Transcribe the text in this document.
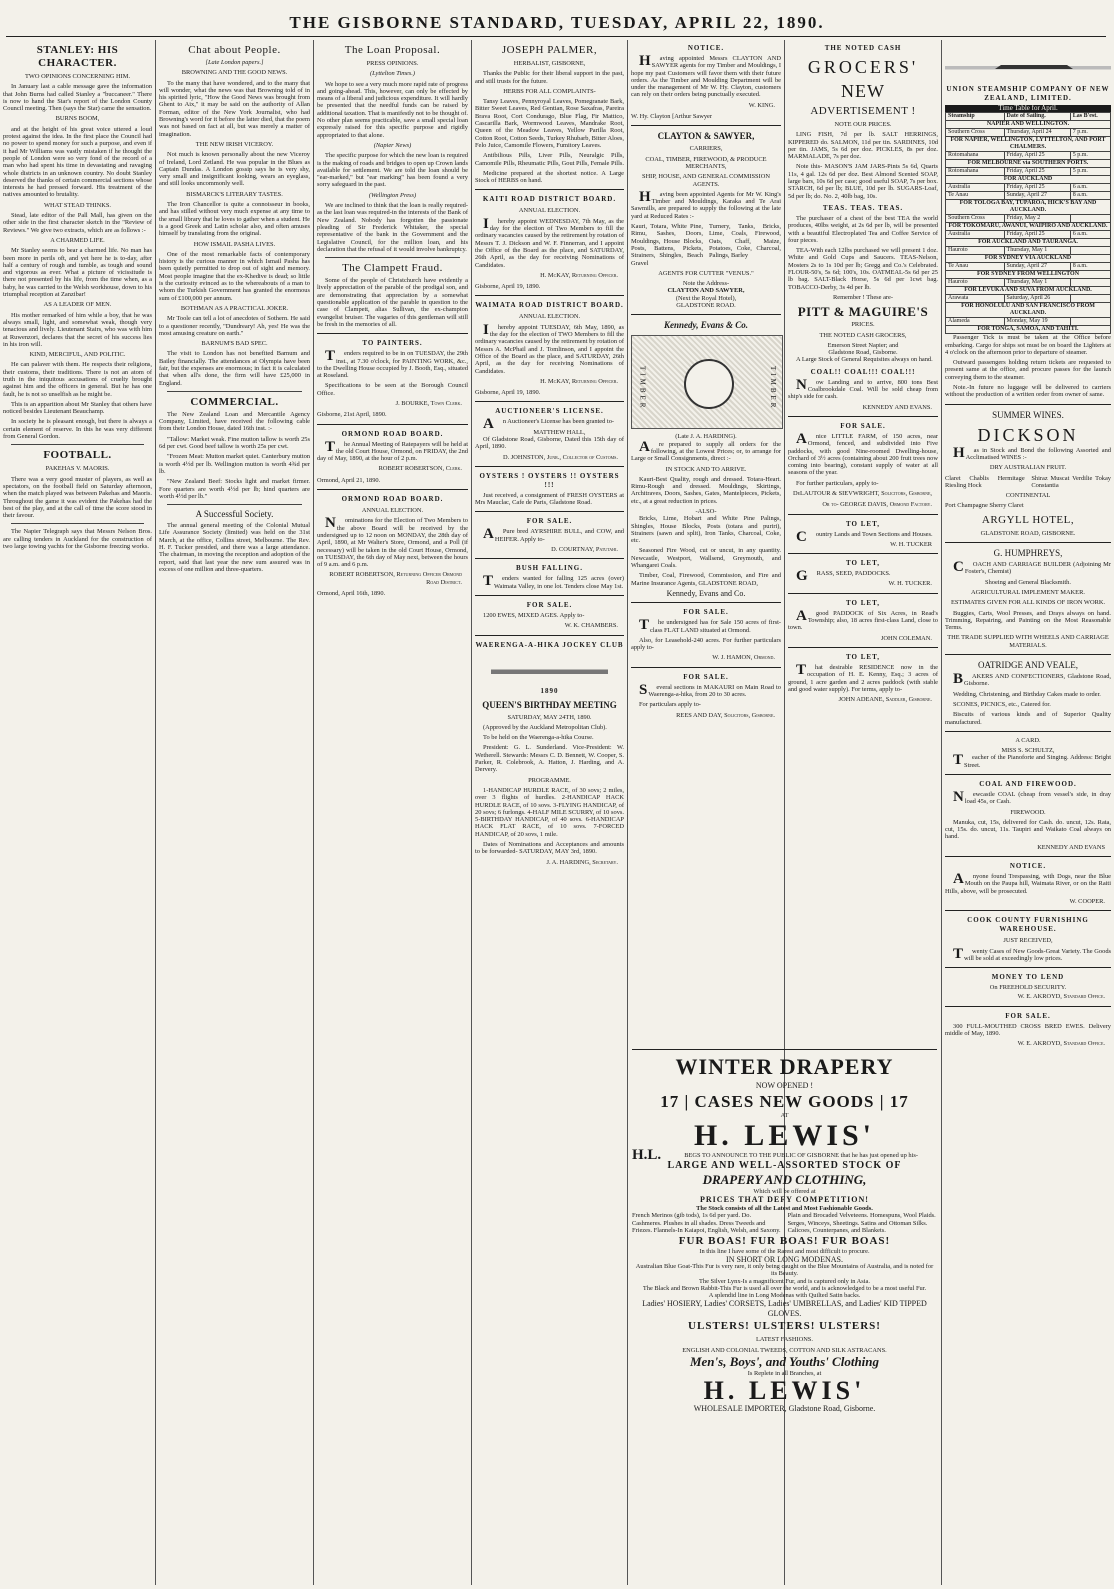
THE GISBORNE STANDARD, TUESDAY, APRIL 22, 1890.
STANLEY: HIS CHARACTER.
TWO OPINIONS CONCERNING HIM.

In January last a cable message gave the information that John Burns had called Stanley a "buccaneer." There is now to hand the Star's report of the London County Council meeting. Then (says the Star) came the sensation.

BURNS BOOM,

and at the height of his great voice uttered a loud protest against the idea. In the first place the Council had no power to spend money for such a purpose, and even if it had Mr Williams was vastly mistaken if he thought the people of London were so very fond of the record of a man who had spent his time in devastating and ravaging whole districts in an unknown country. No doubt Stanley deserved the thanks of certain commercial sections whose interests he had pressed forward. His treatment of the natives amounted to brutality.

WHAT STEAD THINKS.

Stead, late editor of the Pall Mall, has given on the other side in the first character sketch in the "Review of Reviews." We give two extracts, which are as follows :-

A CHARMED LIFE.

Mr Stanley seems to bear a charmed life. No man has been more in perils oft, and yet here he is to-day, after half a century of rough and tumble, as tough and sound and vigorous as ever. What a picture of vicissitude is there not presented by his life, from the time when, as a baby, he was carried to the Welsh workhouse, down to his triumphal reception at Zanzibar!

AS A LEADER OF MEN.

His mother remarked of him while a boy, that he was always small, light, and somewhat weak, though very tenacious and lively. Lieutenant Stairs, who was with him at Ruwenzori, declares that the secret of his success lies in his iron will.

KIND, MERCIFUL, AND POLITIC.

He can palaver with them. He respects their religions, their customs, their traditions. There is not an atom of truth in the iniquitous accusations of cruelty brought against him and the officers in general. But he has one fault, he is not so unselfish as he might be.

This is an apparition about Mr Stanley that others have noticed besides Lieutenant Beauchamp.

In society he is pleasant enough, but there is always a certain element of reserve. In this he was very different from General Gordon.

FOOTBALL.
PAKEHAS V. MAORIS.

There was a very good muster of players, as well as spectators, on the football field on Saturday afternoon, when the match played was between Pakehas and Maoris. Throughout the game it was evident the Pakehas had the best of the play, and at the call of time the score stood in their favour.

The Napier Telegraph says that Messrs Nelson Bros. are calling tenders in Auckland for the construction of two large towing yachts for the Gisborne freezing works.

Chat about People.
[Late London papers.]
BROWNING AND THE GOOD NEWS.

To the many that have wondered, and to the many that will wonder, what the news was that Browning told of in his spirited lyric, "How the Good News was brought from Ghent to Aix," it may be said on the authority of Allan Forman, editor of the New York Journalist, who had Browning's word for it before the latter died, that the poem was not based on fact at all, but was merely a matter of imagination.

THE NEW IRISH VICEROY.

Not much is known personally about the new Viceroy of Ireland, Lord Zetland. He was popular in the Blues as Captain Dundas. A London gossip says he is very shy, very small and insignificant looking, wears an eyeglass, and still looks uncommonly well.

BISMARCK'S LITERARY TASTES.

The Iron Chancellor is quite a connoisseur in books, and has stilled without very much expense at any time to the small library that he loves to gather when a student. He is a good Greek and Latin scholar also, and often amuses himself by translating from the original.

HOW ISMAIL PASHA LIVES.

One of the most remarkable facts of contemporary history is the curious manner in which Ismail Pasha has been quietly permitted to drop out of sight and memory. Most people imagine that the ex-Khedive is dead; so little is the curiosity evinced as to the whereabouts of a man to whom the Turkish Government has granted the enormous sum of £100,000 per annum.

BOTHMAN AS A PRACTICAL JOKER.

Mr Toole can tell a lot of anecdotes of Sothern. He said to a questioner recently, "Dundreary! Ah, yes! He was the most amusing creature on earth."

BARNUM'S BAD SPEC.

The visit to London has not benefited Barnum and Bailey financially. The attendances at Olympia have been fair, but the expenses are enormous; in fact it is calculated that when all's done, the firm will have £25,000 in England.

COMMERCIAL.

The New Zealand Loan and Mercantile Agency Company, Limited, have received the following cable from their London House, dated 16th inst. :-

"Tallow: Market weak. Fine mutton tallow is worth 25s 6d per cwt. Good beef tallow is worth 25s per cwt.

"Frozen Meat: Mutton market quiet. Canterbury mutton is worth 4½d per lb. Wellington mutton is worth 4¾d per lb.

"New Zealand Beef: Stocks light and market firmer. Fore quarters are worth 4½d per lb; hind quarters are worth 4½d per lb."

A Successful Society.

The annual general meeting of the Colonial Mutual Life Assurance Society (limited) was held on the 31st March, at the office, Collins street, Melbourne. The Rev. H. F. Tucker presided, and there was a large attendance. The chairman, in moving the reception and adoption of the report, said that last year the new sum assured was in excess of one million and three-quarters.

The Loan Proposal.
PRESS OPINIONS.
(Lyttelton Times.)

We hope to see a very much more rapid rate of progress and going-ahead. This, however, can only be effected by means of a liberal and judicious expenditure. It will hardly be presented that the needful funds can be raised by additional taxation. That is manifestly not to be thought of. No other plan seems practicable, save a small special loan expressly raised for this specific purpose and rigidly appropriated to that alone.

(Napier News)

The specific purpose for which the new loan is required is the making of roads and bridges to open up Crown lands available for settlement. We are told the loan should be "ear-marked," but "ear marking" has been found a very sorry safeguard in the past.

(Wellington Press)

We are inclined to think that the loan is really required-as the last loan was required-in the interests of the Bank of New Zealand. Nobody has forgotten the passionate pleading of Sir Frederick Whitaker, the special representative of the bank in the Government and the Legislative Council, for the million loan, and his declaration that the refusal of it would involve bankruptcy.

The Clampett Fraud.

Some of the people of Christchurch have evidently a lively appreciation of the parable of the prodigal son, and are demonstrating that appreciation by a somewhat questionable application of the parable in question to the case of Clampett, alias Sullivan, the ex-champion evangelist bruiser. The vagaries of this gentleman will still be fresh in the memories of all.

TO PAINTERS.

Tenders required to be in on TUESDAY, the 29th inst., at 7.30 o'clock, for PAINTING WORK, &c., to the Dwelling House occupied by J. Booth, Esq., situated at Roseland.

Specifications to be seen at the Borough Council Office.

J. BOURKE, Town Clerk.
Gisborne, 21st April, 1890.
ORMOND ROAD BOARD.

The Annual Meeting of Ratepayers will be held at the old Court House, Ormond, on FRIDAY, the 2nd day of May, 1890, at the hour of 2 p.m.

ROBERT ROBERTSON, Clerk.
Ormond, April 21, 1890.
ORMOND ROAD BOARD.
ANNUAL ELECTION.

Nominations for the Election of Two Members to the above Board will be received by the undersigned up to 12 noon on MONDAY, the 28th day of April, 1890, at Mr Walter's Store, Ormond, and a Poll (if necessary) will be taken in the old Court House, Ormond, on TUESDAY, the 6th day of May next, between the hours of 9 a.m. and 6 p.m.

ROBERT ROBERTSON, Returning Officer Ormond Road District.
Ormond, April 16th, 1890.
JOSEPH PALMER,
HERBALIST, GISBORNE,

Thanks the Public for their liberal support in the past, and still trusts for the future.

HERBS FOR ALL COMPLAINTS-

Tansy Leaves, Pennyroyal Leaves, Pomegranate Bark, Bitter Sweet Leaves, Red Gentian, Rose Saxafras, Pareira Brava Root, Cort Condurago, Blue Flag, Fir Mattico, Cascarilla Bark, Wormwood Leaves, Mandrake Root, Queen of the Meadow Leaves, Yellow Parilla Root, Cotton Root, Cotton Seeds, Turkey Rhubarb, Bitter Aloes, Felo Juice, Camomile Flowers, Fumitory Leaves.

Antibilious Pills, Liver Pills, Neuralgic Pills, Camomile Pills, Rheumatic Pills, Gout Pills, Female Pills.

Medicine prepared at the shortest notice. A Large Stock of HERBS on hand.

KAITI ROAD DISTRICT BOARD.
ANNUAL ELECTION.

Ihereby appoint WEDNESDAY, 7th May, as the day for the election of Two Members to fill the ordinary vacancies caused by the retirement by rotation of Messrs T. J. Dickson and W. F. Finnerran, and I appoint the Office of the Board as the place, and SATURDAY, 26th April, as the day for receiving Nominations of Candidates.

H. McKAY, Returning Officer.
Gisborne, April 19, 1890.
WAIMATA ROAD DISTRICT BOARD.
ANNUAL ELECTION.

Ihereby appoint TUESDAY, 6th May, 1890, as the day for the election of TWO Members to fill the ordinary vacancies caused by the retirement by rotation of Messrs A. McPhail and J. Tomlinson, and I appoint the Office of the Board as the place, and SATURDAY, 26th April, as the day for receiving Nominations of Candidates.

H. McKAY, Returning Officer.
Gisborne, April 19, 1890.
AUCTIONEER'S LICENSE.

An Auctioneer's License has been granted to-

MATTHEW HALL,

Of Gladstone Road, Gisborne, Dated this 15th day of April, 1890.

D. JOHNSTON, Junr., Collector of Customs.
OYSTERS ! OYSTERS !! OYSTERS !!!

Just received, a consignment of FRESH OYSTERS at Mrs Mauclac, Cafe de Paris, Gladstone Road.

FOR SALE.

APure bred AYRSHIRE BULL, and COW, and HEIFER. Apply to-

D. COURTNAY, Patutahi.
BUSH FALLING.

Tenders wanted for falling 125 acres (over) Waimata Valley, in one lot. Tenders close May 1st.

FOR SALE.

1200 EWES, MIXED AGES. Apply to-

W. K. CHAMBERS.
WAERENGA-A-HIKA JOCKEY CLUB
1890
QUEEN'S BIRTHDAY MEETING
SATURDAY, MAY 24TH, 1890.

(Approved by the Auckland Metropolitan Club).

To be held on the Waerenga-a-hika Course.

President: G. L. Sunderland. Vice-President: W. Wetherell. Stewards: Messrs C. D. Bennett, W. Cooper, S. Parker, R. Colebrook, A. Hatton, J. Harding, and A. Dervery.

PROGRAMME.

1-HANDICAP HURDLE RACE, of 30 sovs; 2 miles, over 3 flights of hurdles. 2-HANDICAP HACK HURDLE RACE, of 10 sovs. 3-FLYING HANDICAP, of 20 sovs; 6 furlongs. 4-HALF MILE SCURRY, of 10 sovs. 5-BIRTHDAY HANDICAP, of 40 sovs. 6-HANDICAP HACK FLAT RACE, of 10 sovs. 7-FORCED HANDICAP, of 20 sovs, 1 mile.

Dates of Nominations and Acceptances and amounts to be forwarded- SATURDAY, MAY 3rd, 1890.

J. A. HARDING, Secretary.
NOTICE.

Having appointed Messrs CLAYTON AND SAWYER agents for my Timber and Mouldings, I hope my past Customers will favor them with their future orders. As the Timber and Moulding Department will be under the management of Mr W. Hy. Clayton, customers can rely on their orders being punctually executed.

W. KING.
W. Hy. Clayton [Arthur Sawyer
CLAYTON & SAWYER,
CARRIERS,
COAL, TIMBER, FIREWOOD, & PRODUCE MERCHANTS,
SHIP, HOUSE, AND GENERAL COMMISSION AGENTS.

Having been appointed Agents for Mr W. King's Timber and Mouldings, Karaka and Te Arai Sawmills, are prepared to supply the following at the late yard at Reduced Rates :-

Kauri, Totara, White Pine, Rimu, Sashes, Doors, Mouldings, House Blocks, Posts, Battens, Pickets, Strainers, Shingles, Beach Gravel
Turnery, Tanks, Bricks, Lime, Coals, Firewood, Oats, Chaff, Maize, Potatoes, Coke, Charcoal, Palings, Barley
AGENTS FOR CUTTER "VENUS."
Note the Address-
CLAYTON AND SAWYER,
(Next the Royal Hotel),
GLADSTONE ROAD.
Kennedy, Evans & Co.
TIMBER	TIMBER
(Late J. A. HARDING).

Are prepared to supply all orders for the following, at the Lowest Prices; or, to arrange for Large or Small Consignments, direct :-

IN STOCK AND TO ARRIVE.

Kauri-Best Quality, rough and dressed. Totara-Heart. Rimu-Rough and dressed. Mouldings, Skirtings, Architraves, Doors, Sashes, Gates, Mantelpieces, Pickets, etc., at a great reduction in prices.

-ALSO-

Bricks, Lime, Hobart and White Pine Palings, Shingles, House Blocks, Posts (totara and puriri), Strainers (sawn and split), Iron Tanks, Charcoal, Coke, etc.

Seasoned Fire Wood, cut or uncut, in any quantity. Newcastle, Westport, Wallsend, Greymouth, and Whangarei Coals.

Timber, Coal, Firewood, Commission, and Fire and Marine Insurance Agents, GLADSTONE ROAD,

Kennedy, Evans and Co.
FOR SALE.

The undersigned has for Sale 150 acres of first-class FLAT LAND situated at Ormond.

Also, for Leasehold-240 acres. For further particulars apply to-

W. J. HAMON, Ormond.
FOR SALE.

Several sections in MAKAURI on Main Road to Waerenga-a-hika, from 20 to 30 acres.

For particulars apply to-

REES AND DAY, Solicitors, Gisborne.
THE NOTED CASH
GROCERS'
NEW
ADVERTISEMENT !
NOTE OUR PRICES.

LING FISH, 7d per lb. SALT HERRINGS, KIPPERED do. SALMON, 11d per tin. SARDINES, 10d per tin. JAMS, 5s 6d per doz. PICKLES, 8s per doz. MARMALADE, 7s per doz.

Note this- MASON'S JAM JARS-Pints 5s 6d, Quarts 11s, 4 gal. 12s 6d per doz. Best Almond Scented SOAP, large bars, 10s 6d per case; good useful SOAP, 7s per box. STARCH, 6d per lb; BLUE, 10d per lb. SUGARS-Loaf, 5d per lb; do. No. 2, 40lb bag, 10s.

TEAS. TEAS. TEAS.

The purchaser of a chest of the best TEA the world produces, 40lbs weight, at 2s 6d per lb, will be presented with a beautiful Electroplated Tea and Coffee Service of four pieces.

TEA-With each 12lbs purchased we will present 1 doz. White and Gold Cups and Saucers. TEAS-Nelson, Mosters 2s to 1s 10d per lb; Gregg and Co.'s Celebrated. FLOUR-50's, 5s 6d; 100's, 10s. OATMEAL-5s 6d per 25 lb bag. SALT-Black Horse, 5s 6d per 1cwt bag. TOBACCO-Derby, 3s 4d per lb.

Remember ! These are-
PITT & MAGUIRE'S
PRICES.
THE NOTED CASH GROCERS,
Emerson Street Napier; and
Gladstone Road, Gisborne.

A Large Stock of General Requisites always on hand.

COAL!! COAL!!! COAL!!!

Now Landing and to arrive, 800 tons Best Coalbrookdale Coal. Will be sold cheap from ship's side for cash.

KENNEDY AND EVANS.
FOR SALE.

Anice LITTLE FARM, of 150 acres, near Ormond, fenced, and subdivided into Five paddocks, with good Nine-roomed Dwelling-house, Orchard of 3½ acres (containing about 200 fruit trees now coming into bearing), constant supply of water at all seasons of the year.

For further particulars, apply to-

DeLAUTOUR & SIEVWRIGHT, Solicitors, Gisborne,
Or to- GEORGE DAVIS, Ormond Factory.
TO LET,

Country Lands and Town Sections and Houses.

W. H. TUCKER
TO LET,

GRASS, SEED, PADDOCKS.

W. H. TUCKER.
TO LET,

Agood PADDOCK of Six Acres, in Read's Township; also, 18 acres first-class Land, close to town.

JOHN COLEMAN.
TO LET,

That desirable RESIDENCE now in the occupation of H. E. Kenny, Esq.; 3 acres of ground, 1 acre garden and 2 acres paddock (with stable and good water supply). For terms, apply to-

JOHN ADEANE, Saddler, Gisborne.
UNION STEAMSHIP COMPANY OF NEW ZEALAND, LIMITED.
Time Table for April.
Steamship	Date of Sailing.	Las B'est.
NAPIER AND WELLINGTON.		
Southern Cross	Thursday, April 24	7 p.m.
FOR NAPIER, WELLINGTON, LYTTELTON, AND PORT CHALMERS.		
Rotomahana	Friday, April 25	5 p.m.
FOR MELBOURNE via SOUTHERN PORTS.		
Rotomahana	Friday, April 25	5 p.m.
FOR AUCKLAND		
Australia	Friday, April 25	6 a.m.
Te Anau	Sunday, April 27	8 a.m.
FOR TOLOGA BAY, TUPAROA, HICK'S BAY AND AUCKLAND.		
Southern Cross	Friday, May 2	
FOR TOKOMARU, AWANUI, WAIPIRO AND AUCKLAND.		
Australia	Friday, April 25	6 a.m.
FOR AUCKLAND AND TAURANGA.		
Hauroto	Thursday, May 1	
FOR SYDNEY VIA AUCKLAND		
Te Anau	Sunday, April 27	8 a.m.
FOR SYDNEY FROM WELLINGTON		
Hauroto	Thursday, May 1	
FOR LEVUKA AND SUVA FROM AUCKLAND.		
Arawata	Saturday, April 26	
FOR HONOLULU AND SAN FRANCISCO FROM AUCKLAND.		
Alameda	Monday, May 19	
FOR TONGA, SAMOA, AND TAHITI.		

Passenger Tick is must be taken at the Office before embarking. Cargo for ships sot must be on board the Lighters at 4 o'clock on the afternoon prior to departure of steamer.

Outward passengers holding return tickets are requested to present same at the office, and procure passes for the launch conveying them to the steamer.

Note.-In future no luggage will be delivered to carriers without the production of a written order from owner of same.

SUMMER WINES.
DICKSON

Has in Stock and Bond the following Assorted and Acclimatised WINES :-

DRY AUSTRALIAN FRUIT.
Claret Chablis Hermitage Riesling Hock
Shiraz Muscat Verdilie Tokay Constantia
CONTINENTAL
Port Champagne Sherry Claret
ARGYLL HOTEL,
GLADSTONE ROAD, GISBORNE.
G. HUMPHREYS,

COACH AND CARRIAGE BUILDER (Adjoining Mr Foster's, Chemist)

Shoeing and General Blacksmith.
AGRICULTURAL IMPLEMENT MAKER.
ESTIMATES GIVEN FOR ALL KINDS OF IRON WORK.

Buggies, Carts, Wool Presses, and Drays always on hand. Trimming, Repairing, and Painting on the Most Reasonable Terms.

THE TRADE SUPPLIED WITH WHEELS AND CARRIAGE MATERIALS.
OATRIDGE AND VEALE,

BAKERS AND CONFECTIONERS, Gladstone Road, Gisborne.

Wedding, Christening, and Birthday Cakes made to order.

SCONES, PICNICS, etc., Catered for.

Biscuits of various kinds and of Superior Quality manufactured.

A CARD.
MISS S. SCHULTZ,

Teacher of the Pianoforte and Singing. Address: Bright Street.

COAL AND FIREWOOD.

Newcastle COAL (cheap from vessel's side, in dray load 45s, or Cash.

FIREWOOD.

Manuka, cut, 15s, delivered for Cash. do. uncut, 12s. Rata, cut, 15s. do. uncut, 11s. Taupiri and Waikato Coal always on hand.

KENNEDY AND EVANS
NOTICE.

Anyone found Trespassing, with Dogs, near the Blue Mouth on the Paupa hill, Waimata River, or on the Raiti Hills, above, will be prosecuted.

W. COOPER.
COOK COUNTY FURNISHING WAREHOUSE.
JUST RECEIVED,

Twenty Cases of New Goods-Great Variety. The Goods will be sold at exceedingly low prices.

MONEY TO LEND
On FREEHOLD SECURITY.
W. E. AKROYD, Standard Office.
FOR SALE.

300 FULL-MOUTHED CROSS BRED EWES. Delivery middle of May, 1890.

W. E. AKROYD, Standard Office.
WINTER DRAPERY
NOW OPENED !
17 | CASES NEW GOODS | 17
AT
H. LEWIS'
H.L.	BEGS TO ANNOUNCE TO THE PUBLIC OF GISBORNE that he has just opened up his-
LARGE AND WELL-ASSORTED STOCK OF
DRAPERY AND CLOTHING,
Which will be offered at
PRICES THAT DEFY COMPETITION!
The Stock consists of all the Latest and Most Fashionable Goods.
French Merinos (gib tods), 1s 6d per yard. Do. Cashmeres. Plushes in all shades. Dress Tweeds and Friezes. Flannels-In Kaiapoi, English, Welsh, and Saxony.
Plain and Brocaded Velveteens. Homespuns, Wool Plaids. Serges, Winceys, Sheetings. Satins and Ottoman Silks. Calicoes, Counterpanes, and Blankets.
FUR BOAS! FUR BOAS! FUR BOAS!
In this line I have some of the Rarest and most difficult to procure.
IN SHORT OR LONG MODENAS.
Australian Blue Goat-This Fur is very rare, it only being caught on the Blue Mountains of Australia, and is noted for its Beauty.
The Silver Lynx-Is a magnificent Fur, and is captured only in Asia.
The Black and Brown Rabbit-This Fur is used all over the world, and is acknowledged to be a most useful Fur.
A splendid line in Long Modenas with Quilted Satin backs.
Ladies' HOSIERY, Ladies' CORSETS, Ladies' UMBRELLAS, and Ladies' KID TIPPED GLOVES.
ULSTERS! ULSTERS! ULSTERS!
LATEST FASHIONS.
ENGLISH AND COLONIAL TWEEDS, COTTON AND SILK ASTRACANS.
Men's, Boys', and Youths' Clothing
Is Replete in all Branches, at
H. LEWIS'
WHOLESALE IMPORTER, Gladstone Road, Gisborne.
